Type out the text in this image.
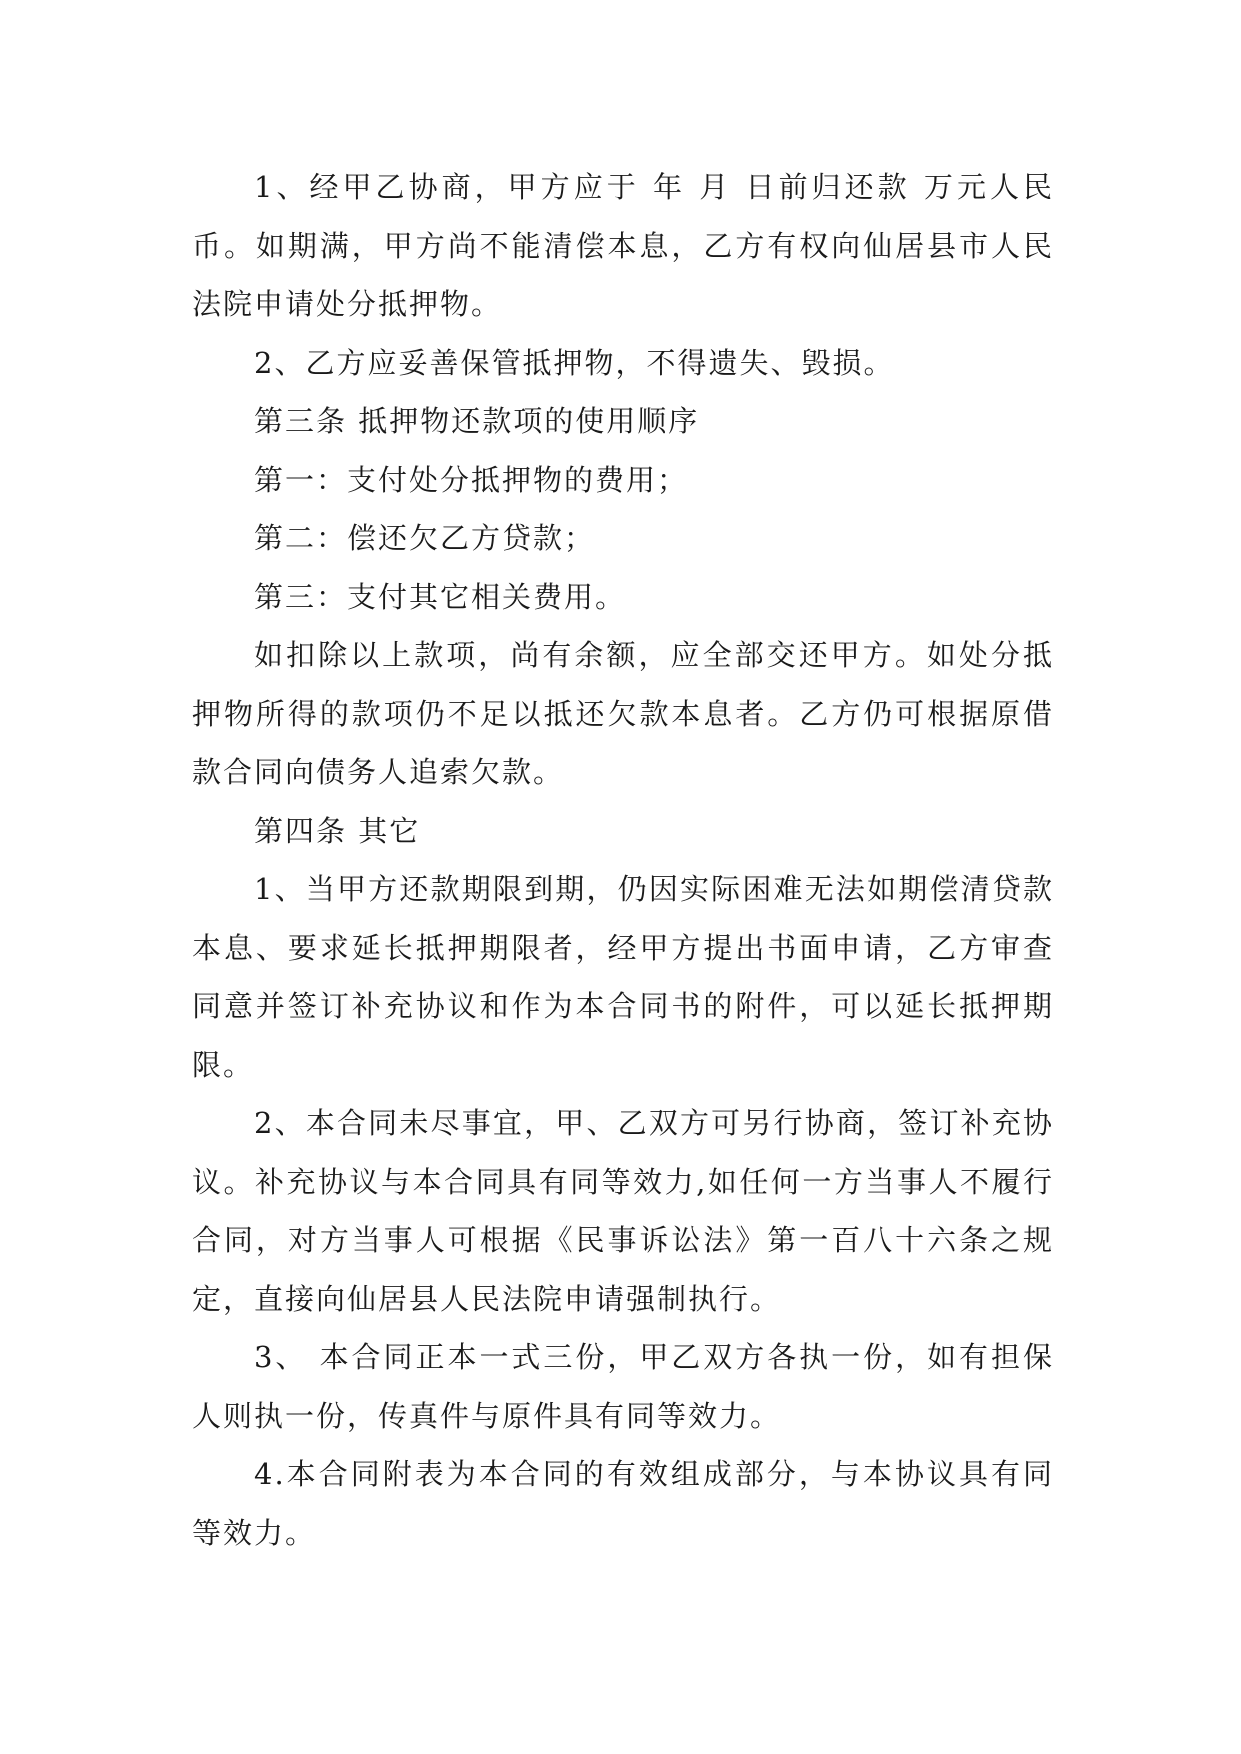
1、经甲乙协商，甲方应于 年 月 日前归还款 万元人民币。如期满，甲方尚不能清偿本息，乙方有权向仙居县市人民法院申请处分抵押物。

2、乙方应妥善保管抵押物，不得遗失、毁损。

第三条 抵押物还款项的使用顺序

第一：支付处分抵押物的费用；

第二：偿还欠乙方贷款；

第三：支付其它相关费用。

如扣除以上款项，尚有余额，应全部交还甲方。如处分抵押物所得的款项仍不足以抵还欠款本息者。乙方仍可根据原借款合同向债务人追索欠款。

第四条 其它

1、当甲方还款期限到期，仍因实际困难无法如期偿清贷款本息、要求延长抵押期限者，经甲方提出书面申请，乙方审查同意并签订补充协议和作为本合同书的附件，可以延长抵押期限。

2、本合同未尽事宜，甲、乙双方可另行协商，签订补充协议。补充协议与本合同具有同等效力,如任何一方当事人不履行合同，对方当事人可根据《民事诉讼法》第一百八十六条之规定，直接向仙居县人民法院申请强制执行。

3、 本合同正本一式三份，甲乙双方各执一份，如有担保人则执一份，传真件与原件具有同等效力。

4.本合同附表为本合同的有效组成部分，与本协议具有同等效力。
